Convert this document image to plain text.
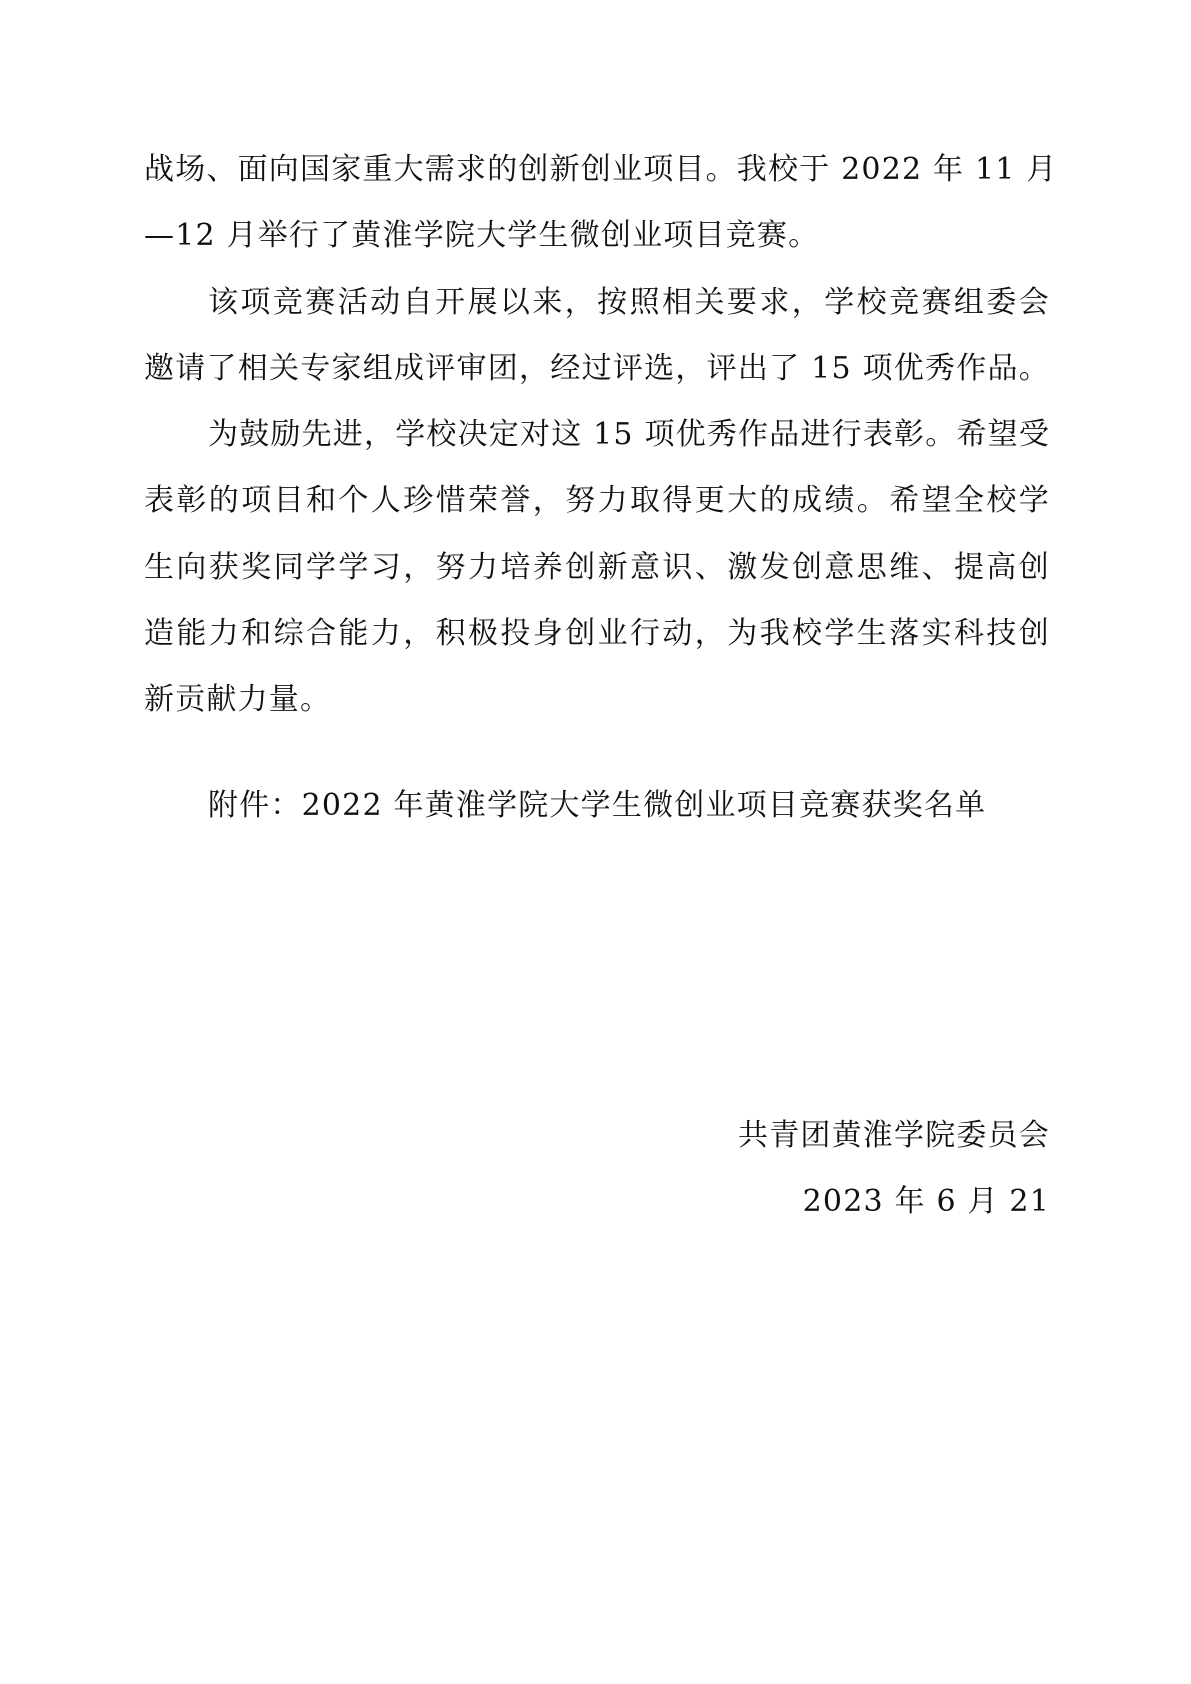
战场、面向国家重大需求的创新创业项目。我校于 2022 年 11 月
—12 月举行了黄淮学院大学生微创业项目竞赛。
该项竞赛活动自开展以来，按照相关要求，学校竞赛组委会
邀请了相关专家组成评审团，经过评选，评出了 15 项优秀作品。
为鼓励先进，学校决定对这 15 项优秀作品进行表彰。希望受
表彰的项目和个人珍惜荣誉，努力取得更大的成绩。希望全校学
生向获奖同学学习，努力培养创新意识、激发创意思维、提高创
造能力和综合能力，积极投身创业行动，为我校学生落实科技创
新贡献力量。
附件：2022 年黄淮学院大学生微创业项目竞赛获奖名单
共青团黄淮学院委员会
2023 年 6 月 21
